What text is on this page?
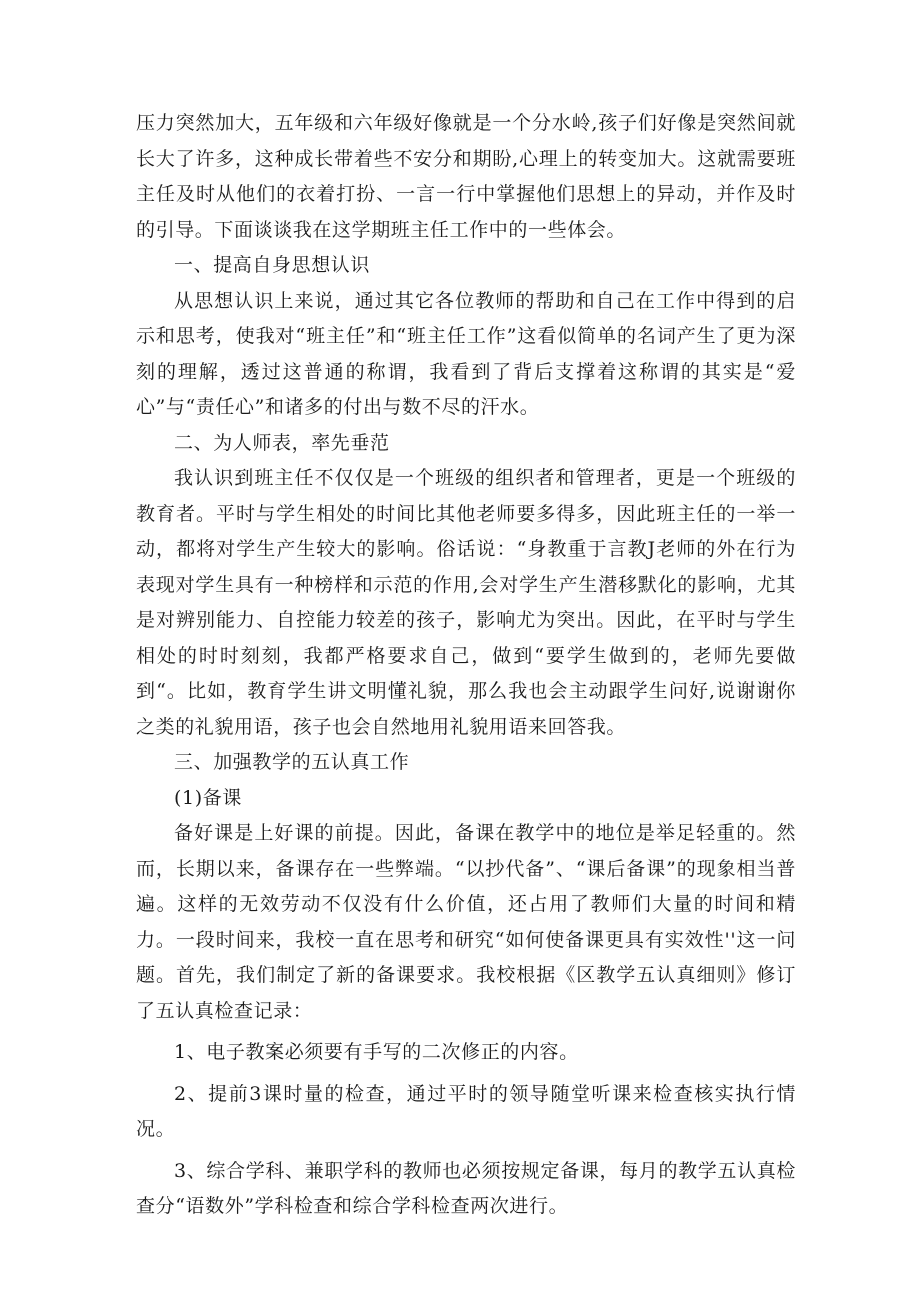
压力突然加大，五年级和六年级好像就是一个分水岭,孩子们好像是突然间就长大了许多，这种成长带着些不安分和期盼,心理上的转变加大。这就需要班主任及时从他们的衣着打扮、一言一行中掌握他们思想上的异动，并作及时的引导。下面谈谈我在这学期班主任工作中的一些体会。

一、提高自身思想认识

从思想认识上来说，通过其它各位教师的帮助和自己在工作中得到的启示和思考，使我对“班主任”和“班主任工作”这看似简单的名词产生了更为深刻的理解，透过这普通的称谓，我看到了背后支撑着这称谓的其实是“爱心”与“责任心”和诸多的付出与数不尽的汗水。

二、为人师表，率先垂范

我认识到班主任不仅仅是一个班级的组织者和管理者，更是一个班级的教育者。平时与学生相处的时间比其他老师要多得多，因此班主任的一举一动，都将对学生产生较大的影响。俗话说：“身教重于言教J老师的外在行为表现对学生具有一种榜样和示范的作用,会对学生产生潜移默化的影响，尤其是对辨别能力、自控能力较差的孩子，影响尤为突出。因此，在平时与学生相处的时时刻刻，我都严格要求自己，做到“要学生做到的，老师先要做到“。比如，教育学生讲文明懂礼貌，那么我也会主动跟学生问好,说谢谢你之类的礼貌用语，孩子也会自然地用礼貌用语来回答我。

三、加强教学的五认真工作

(1)备课

备好课是上好课的前提。因此，备课在教学中的地位是举足轻重的。然而，长期以来，备课存在一些弊端。“以抄代备”、“课后备课”的现象相当普遍。这样的无效劳动不仅没有什么价值，还占用了教师们大量的时间和精力。一段时间来，我校一直在思考和研究“如何使备课更具有实效性''这一问题。首先，我们制定了新的备课要求。我校根据《区教学五认真细则》修订了五认真检查记录：

1、电子教案必须要有手写的二次修正的内容。

2、提前3课时量的检查，通过平时的领导随堂听课来检查核实执行情况。

3、综合学科、兼职学科的教师也必须按规定备课，每月的教学五认真检查分“语数外”学科检查和综合学科检查两次进行。
